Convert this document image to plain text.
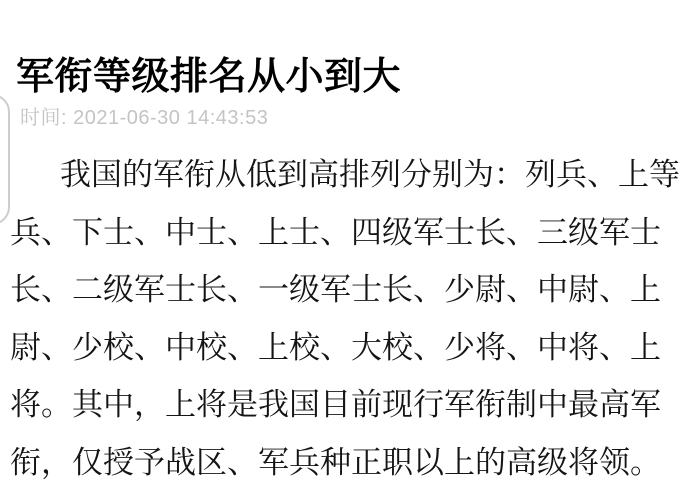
军衔等级排名从小到大
时间: 2021-06-30 14:43:53
我国的军衔从低到高排列分别为：列兵、上等
兵、下士、中士、上士、四级军士长、三级军士
长、二级军士长、一级军士长、少尉、中尉、上
尉、少校、中校、上校、大校、少将、中将、上
将。其中，上将是我国目前现行军衔制中最高军
衔，仅授予战区、军兵种正职以上的高级将领。
